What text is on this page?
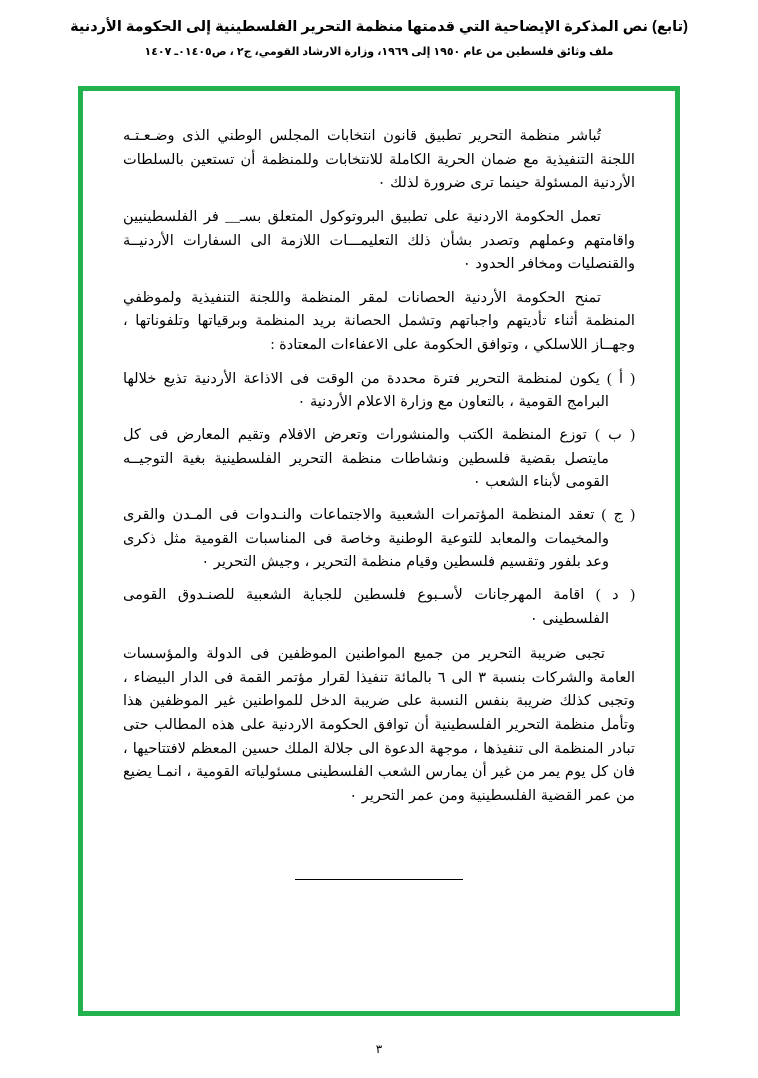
(تابع) نص المذكرة الإيضاحية التي قدمتها منظمة التحرير الفلسطينية إلى الحكومة الأردنية
ملف وثائق فلسطين من عام ١٩٥٠ إلى ١٩٦٩، وزارة الارشاد القومي، ج٢ ، ص٠١٤٠٥ـ ١٤٠٧

تُباشر منظمة التحرير تطبيق قانون انتخابات المجلس الوطني الذى وضـعـتـه اللجنة التنفيذية مع ضمان الحرية الكاملة للانتخابات وللمنظمة أن تستعين بالسلطات الأردنية المسئولة حينما ترى ضرورة لذلك ٠

تعمل الحكومة الاردنية على تطبيق البروتوكول المتعلق بسـ__ فر الفلسطينيين واقامتهم وعملهم وتصدر بشأن ذلك التعليمـــات اللازمة الى السفارات الأردنيــة والقنصليات ومخافر الحدود ٠

تمنح الحكومة الأردنية الحصانات لمقر المنظمة واللجنة التنفيذية ولموظفي المنظمة أثناء تأديتهم واجباتهم وتشمل الحصانة بريد المنظمة وبرقياتها وتلفوناتها ، وجهــاز اللاسلكي ، وتوافق الحكومة على الاعفاءات المعتادة :

( أ ) يكون لمنظمة التحرير فترة محددة من الوقت فى الاذاعة الأردنية تذيع خلالها البرامج القومية ، بالتعاون مع وزارة الاعلام الأردنية ٠

( ب ) توزع المنظمة الكتب والمنشورات وتعرض الافلام وتقيم المعارض فى كل مايتصل بقضية فلسطين ونشاطات منظمة التحرير الفلسطينية بغية التوجيــه القومى لأبناء الشعب ٠

( ج ) تعقد المنظمة المؤتمرات الشعبية والاجتماعات والنـدوات فى المـدن والقرى والمخيمات والمعابد للتوعية الوطنية وخاصة فى المناسبات القومية مثل ذكرى وعد بلفور وتقسيم فلسطين وقيام منظمة التحرير ، وجيش التحرير ٠

( د ) اقامة المهرجانات لأسـبوع فلسطين للجباية الشعبية للصنـدوق القومى الفلسطينى ٠

تجبى ضريبة التحرير من جميع المواطنين الموظفين فى الدولة والمؤسسات العامة والشركات بنسبة ٣ الى ٦ بالمائة تنفيذا لقرار مؤتمر القمة فى الدار البيضاء ، وتجبى كذلك ضريبة بنفس النسبة على ضريبة الدخل للمواطنين غير الموظفين هذا وتأمل منظمة التحرير الفلسطينية أن توافق الحكومة الاردنية على هذه المطالب حتى تبادر المنظمة الى تنفيذها ، موجهة الدعوة الى جلالة الملك حسين المعظم لافتتاحيها ، فان كل يوم يمر من غير أن يمارس الشعب الفلسطينى مسئولياته القومية ، انمـا يضيع من عمر القضية الفلسطينية ومن عمر التحرير ٠

٣
